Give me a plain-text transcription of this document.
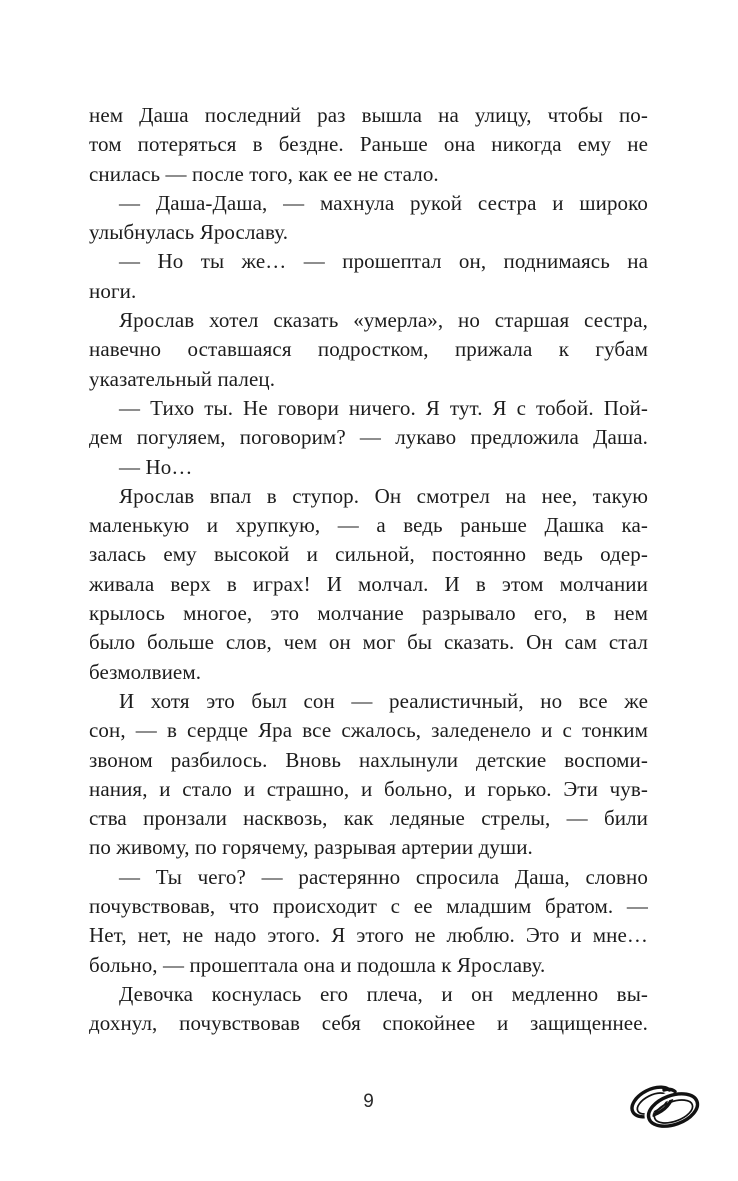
нем Даша последний раз вышла на улицу, чтобы по-
том потеряться в бездне. Раньше она никогда ему не
снилась — после того, как ее не стало.
— Даша-Даша, — махнула рукой сестра и широко
улыбнулась Ярославу.
— Но ты же… — прошептал он, поднимаясь на
ноги.
Ярослав хотел сказать «умерла», но старшая сестра,
навечно оставшаяся подростком, прижала к губам
указательный палец.
— Тихо ты. Не говори ничего. Я тут. Я с тобой. Пой-
дем погуляем, поговорим? — лукаво предложила Даша.
— Но…
Ярослав впал в ступор. Он смотрел на нее, такую
маленькую и хрупкую, — а ведь раньше Дашка ка-
залась ему высокой и сильной, постоянно ведь одер-
живала верх в играх! И молчал. И в этом молчании
крылось многое, это молчание разрывало его, в нем
было больше слов, чем он мог бы сказать. Он сам стал
безмолвием.
И хотя это был сон — реалистичный, но все же
сон, — в сердце Яра все сжалось, заледенело и с тонким
звоном разбилось. Вновь нахлынули детские воспоми-
нания, и стало и страшно, и больно, и горько. Эти чув-
ства пронзали насквозь, как ледяные стрелы, — били
по живому, по горячему, разрывая артерии души.
— Ты чего? — растерянно спросила Даша, словно
почувствовав, что происходит с ее младшим братом. —
Нет, нет, не надо этого. Я этого не люблю. Это и мне…
больно, — прошептала она и подошла к Ярославу.
Девочка коснулась его плеча, и он медленно вы-
дохнул, почувствовав себя спокойнее и защищеннее.
9
